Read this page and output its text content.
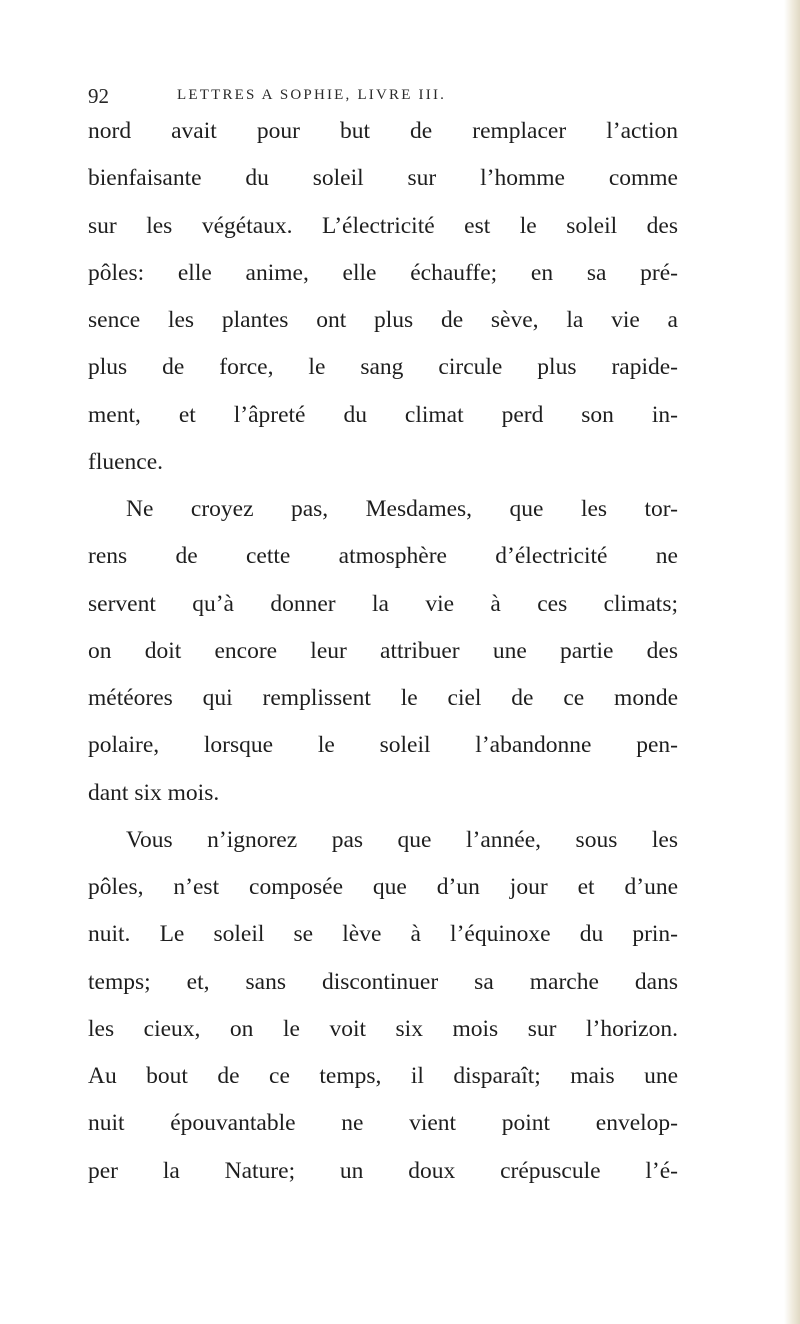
92	LETTRES A SOPHIE, LIVRE III.
nord avait pour but de remplacer l’action
bienfaisante du soleil sur l’homme comme
sur les végétaux. L’électricité est le soleil des
pôles: elle anime, elle échauffe; en sa pré-
sence les plantes ont plus de sève, la vie a
plus de force, le sang circule plus rapide-
ment, et l’âpreté du climat perd son in-
fluence.
Ne croyez pas, Mesdames, que les tor-
rens de cette atmosphère d’électricité ne
servent qu’à donner la vie à ces climats;
on doit encore leur attribuer une partie des
météores qui remplissent le ciel de ce monde
polaire, lorsque le soleil l’abandonne pen-
dant six mois.
Vous n’ignorez pas que l’année, sous les
pôles, n’est composée que d’un jour et d’une
nuit. Le soleil se lève à l’équinoxe du prin-
temps; et, sans discontinuer sa marche dans
les cieux, on le voit six mois sur l’horizon.
Au bout de ce temps, il disparaît; mais une
nuit épouvantable ne vient point envelop-
per la Nature; un doux crépuscule l’é-
